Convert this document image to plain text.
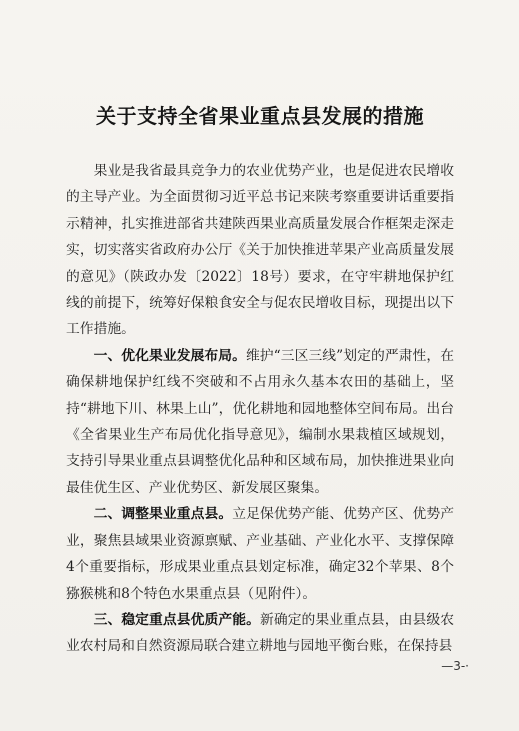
关于支持全省果业重点县发展的措施

果业是我省最具竞争力的农业优势产业，也是促进农民增收的主导产业。为全面贯彻习近平总书记来陕考察重要讲话重要指示精神，扎实推进部省共建陕西果业高质量发展合作框架走深走实，切实落实省政府办公厅《关于加快推进苹果产业高质量发展的意见》（陕政办发〔2022〕18号）要求，在守牢耕地保护红线的前提下，统筹好保粮食安全与促农民增收目标，现提出以下工作措施。

一、优化果业发展布局。维护“三区三线”划定的严肃性，在确保耕地保护红线不突破和不占用永久基本农田的基础上，坚持“耕地下川、林果上山”，优化耕地和园地整体空间布局。出台《全省果业生产布局优化指导意见》，编制水果栽植区域规划，支持引导果业重点县调整优化品种和区域布局，加快推进果业向最佳优生区、产业优势区、新发展区聚集。

二、调整果业重点县。立足保优势产能、优势产区、优势产业，聚焦县域果业资源禀赋、产业基础、产业化水平、支撑保障4个重要指标，形成果业重点县划定标准，确定32个苹果、8个猕猴桃和8个特色水果重点县（见附件）。

三、稳定重点县优质产能。新确定的果业重点县，由县级农业农村局和自然资源局联合建立耕地与园地平衡台账，在保持县

—3-·
